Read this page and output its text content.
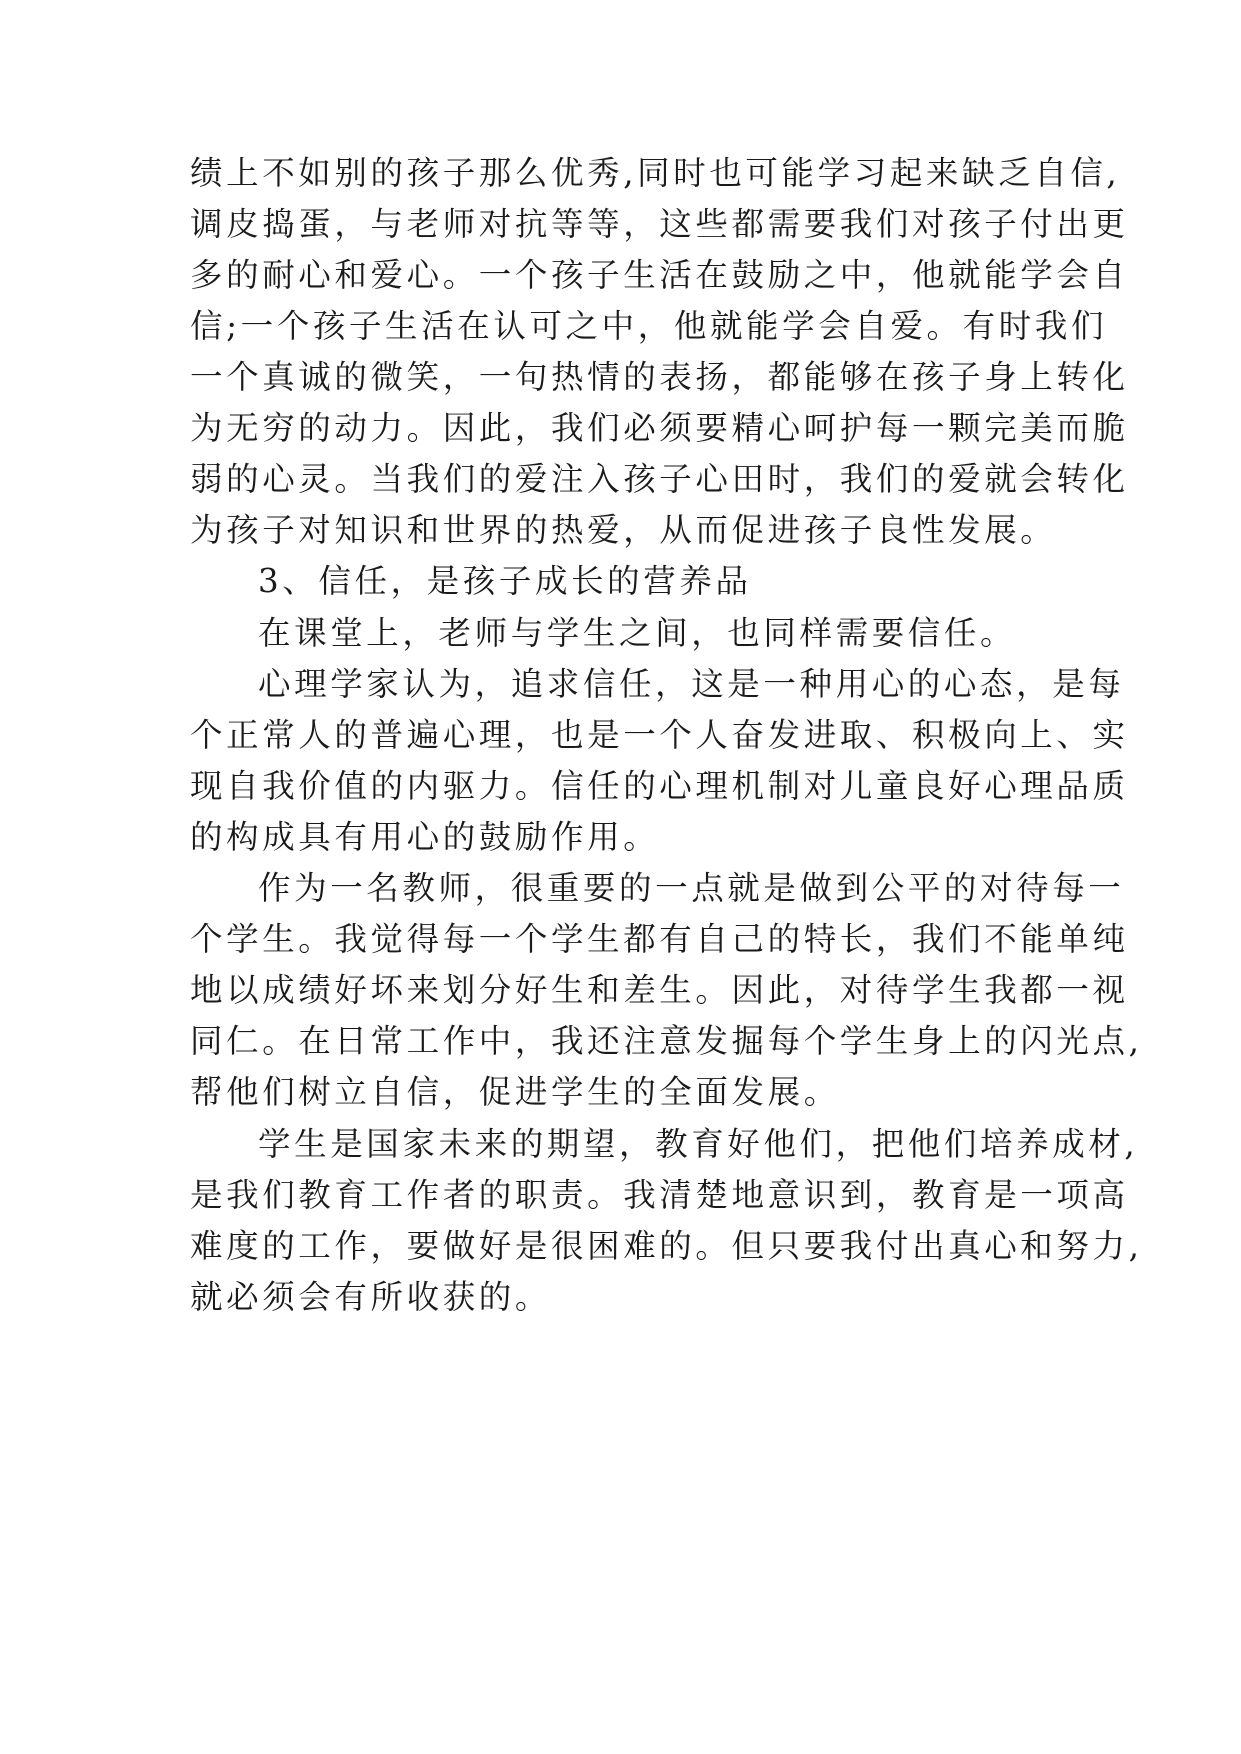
绩上不如别的孩子那么优秀,同时也可能学习起来缺乏自信,

调皮捣蛋，与老师对抗等等，这些都需要我们对孩子付出更

多的耐心和爱心。一个孩子生活在鼓励之中，他就能学会自

信;一个孩子生活在认可之中，他就能学会自爱。有时我们

一个真诚的微笑，一句热情的表扬，都能够在孩子身上转化

为无穷的动力。因此，我们必须要精心呵护每一颗完美而脆

弱的心灵。当我们的爱注入孩子心田时，我们的爱就会转化

为孩子对知识和世界的热爱，从而促进孩子良性发展。

3、信任，是孩子成长的营养品

在课堂上，老师与学生之间，也同样需要信任。

心理学家认为，追求信任，这是一种用心的心态，是每

个正常人的普遍心理，也是一个人奋发进取、积极向上、实

现自我价值的内驱力。信任的心理机制对儿童良好心理品质

的构成具有用心的鼓励作用。

作为一名教师，很重要的一点就是做到公平的对待每一

个学生。我觉得每一个学生都有自己的特长，我们不能单纯

地以成绩好坏来划分好生和差生。因此，对待学生我都一视

同仁。在日常工作中，我还注意发掘每个学生身上的闪光点,

帮他们树立自信，促进学生的全面发展。

学生是国家未来的期望，教育好他们，把他们培养成材,

是我们教育工作者的职责。我清楚地意识到，教育是一项高

难度的工作，要做好是很困难的。但只要我付出真心和努力,

就必须会有所收获的。
